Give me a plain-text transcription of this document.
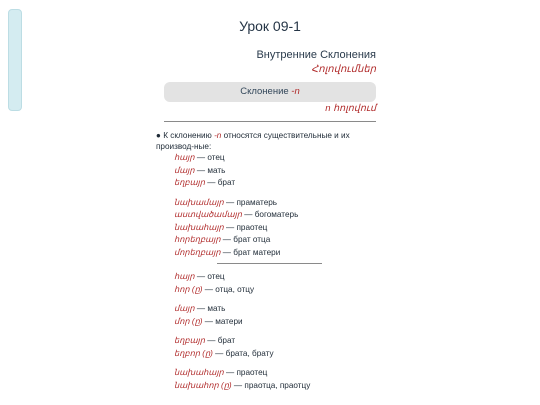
Урок 09-1
Внутренние Склонения
Հոլովումներ
Склонение -n
n հոլովում
● К склонению -n относятся существительные и их производ-ные:
հայր — отец
մայր — мать
եղբայր — брат
նախամայր — праматерь
աստվածամայր — богоматерь
նախահայր — праотец
հորեղբայր — брат отца
մորեղբայր — брат матери
հայր — отец
հոր (ը) — отца, отцу
մայր — мать
մոր (ը) — матери
եղբայր — брат
եղբոր (ը) — брата, брату
նախահայր — праотец
նախահոր (ը) — праотца, праотцу
